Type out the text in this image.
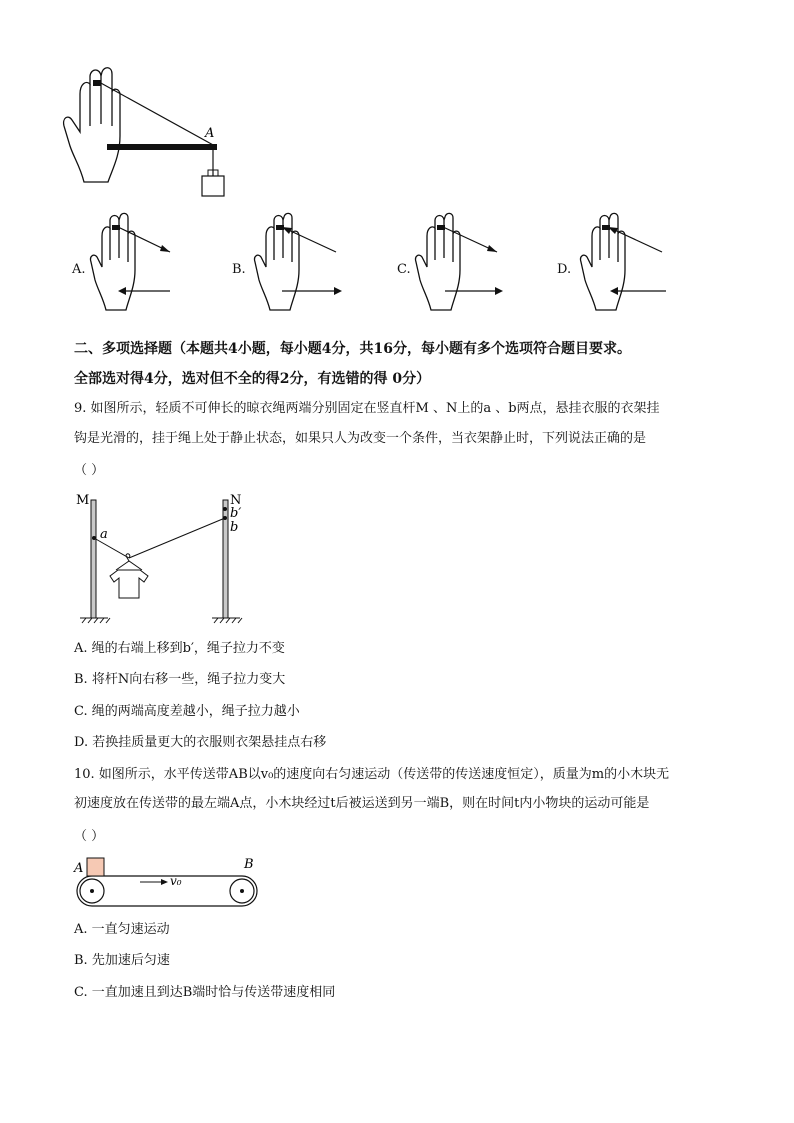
A
A.	B.	C.	D.
二、多项选择题（本题共4小题，每小题4分，共16分，每小题有多个选项符合题目要求。
全部选对得4分，选对但不全的得2分，有选错的得 0分）
9. 如图所示，轻质不可伸长的晾衣绳两端分别固定在竖直杆M 、N上的a 、b两点，悬挂衣服的衣架挂
钩是光滑的，挂于绳上处于静止状态，如果只人为改变一个条件，当衣架静止时，下列说法正确的是
（ ）
M	N
a
b′
b
A. 绳的右端上移到b′，绳子拉力不变
B. 将杆N向右移一些，绳子拉力变大
C. 绳的两端高度差越小，绳子拉力越小
D. 若换挂质量更大的衣服则衣架悬挂点右移
10. 如图所示，水平传送带AB以v₀的速度向右匀速运动（传送带的传送速度恒定），质量为m的小木块无
初速度放在传送带的最左端A点，小木块经过t后被运送到另一端B，则在时间t内小物块的运动可能是
（ ）
A	B
v₀
A. 一直匀速运动
B. 先加速后匀速
C. 一直加速且到达B端时恰与传送带速度相同
